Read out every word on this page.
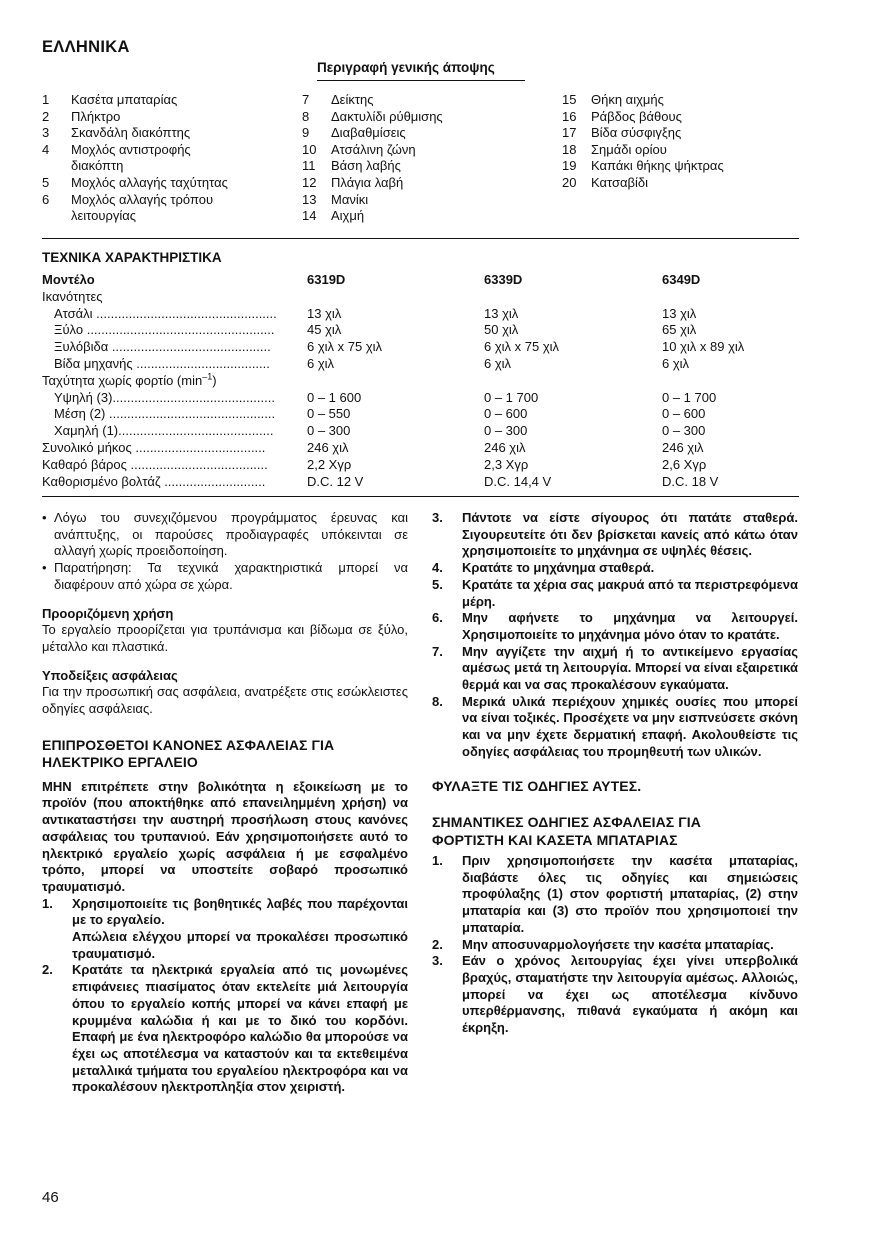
ΕΛΛΗΝΙΚΑ
Περιγραφή γενικής άποψης
1	Κασέτα μπαταρίας
2	Πλήκτρο
3	Σκανδάλη διακόπτης
4	Μοχλός αντιστροφής
διακόπτη
5	Μοχλός αλλαγής ταχύτητας
6	Μοχλός αλλαγής τρόπου
λειτουργίας
7	Δείκτης
8	Δακτυλίδι ρύθμισης
9	Διαβαθμίσεις
10	Ατσάλινη ζώνη
11	Βάση λαβής
12	Πλάγια λαβή
13	Μανίκι
14	Αιχμή
15	Θήκη αιχμής
16	Ράβδος βάθους
17	Βίδα σύσφιγξης
18	Σημάδι ορίου
19	Καπάκι θήκης ψήκτρας
20	Κατσαβίδι
ΤΕΧΝΙΚΑ ΧΑΡΑΚΤΗΡΙΣΤΙΚΑ
Μοντέλο	6319D	6339D	6349D
Ικανότητες
Ατσάλι .................................................. 13 χιλ	13 χιλ	13 χιλ
Ξύλο .................................................... 45 χιλ	50 χιλ	65 χιλ
Ξυλόβιδα ............................................	6 χιλ x 75 χιλ	6 χιλ x 75 χιλ	10 χιλ x 89 χιλ
Βίδα μηχανής .....................................	6 χιλ	6 χιλ	6 χιλ
Ταχύτητα χωρίς φορτίο $(\min^{-1})$
Υψηλή (3)............................................. 0 – 1 600	0 – 1 700	0 – 1 700
Μέση (2) .............................................. 0 – 550	0 – 600	0 – 600
Χαμηλή (1)...........................................	0 – 300	0 – 300	0 – 300
Συνολικό μήκος ....................................	246 χιλ	246 χιλ	246 χιλ
Καθαρό βάρος ......................................	2,2 Χγρ	2,3 Χγρ	2,6 Χγρ
Καθορισμένο βολτάζ ............................	D.C. 12 V	D.C. 14,4 V	D.C. 18 V
• Λόγω του συνεχιζόμενου προγράμματος έρευνας και ανάπτυξης, οι παρούσες προδιαγραφές υπόκεινται σε αλλαγή χωρίς προειδοποίηση.
• Παρατήρηση: Τα τεχνικά χαρακτηριστικά μπορεί να διαφέρουν από χώρα σε χώρα.

Προοριζόμενη χρήση

Το εργαλείο προορίζεται για τρυπάνισμα και βίδωμα σε ξύλο, μέταλλο και πλαστικά.

Υποδείξεις ασφάλειας

Για την προσωπική σας ασφάλεια, ανατρέξετε στις εσώκλειστες οδηγίες ασφάλειας.

ΕΠΙΠΡΟΣΘΕΤΟΙ ΚΑΝΟΝΕΣ ΑΣΦΑΛΕΙΑΣ ΓΙΑ
ΗΛΕΚΤΡΙΚΟ ΕΡΓΑΛΕΙΟ

ΜΗΝ επιτρέπετε στην βολικότητα η εξοικείωση με το προϊόν (που αποκτήθηκε από επανειλημμένη χρήση) να αντικαταστήσει την αυστηρή προσήλωση στους κανόνες ασφάλειας του τρυπανιού. Εάν χρησιμοποιήσετε αυτό το ηλεκτρικό εργαλείο χωρίς ασφάλεια ή με εσφαλμένο τρόπο, μπορεί να υποστείτε σοβαρό προσωπικό τραυματισμό.

1.	Χρησιμοποιείτε τις βοηθητικές λαβές που παρέχονται με το εργαλείο.
Απώλεια ελέγχου μπορεί να προκαλέσει προσωπικό τραυματισμό.
2.	Κρατάτε τα ηλεκτρικά εργαλεία από τις μονωμένες επιφάνειες πιασίματος όταν εκτελείτε μιά λειτουργία όπου το εργαλείο κοπής μπορεί να κάνει επαφή με κρυμμένα καλώδια ή και με το δικό του κορδόνι. Επαφή με ένα ηλεκτροφόρο καλώδιο θα μπορούσε να έχει ως αποτέλεσμα να καταστούν και τα εκτεθειμένα μεταλλικά τμήματα του εργαλείου ηλεκτροφόρα και να προκαλέσουν ηλεκτροπληξία στον χειριστή.
3.	Πάντοτε να είστε σίγουρος ότι πατάτε σταθερά. Σιγουρευτείτε ότι δεν βρίσκεται κανείς από κάτω όταν χρησιμοποιείτε το μηχάνημα σε υψηλές θέσεις.
4.	Κρατάτε το μηχάνημα σταθερά.
5.	Κρατάτε τα χέρια σας μακρυά από τα περιστρεφόμενα μέρη.
6.	Μην αφήνετε το μηχάνημα να λειτουργεί. Χρησιμοποιείτε το μηχάνημα μόνο όταν το κρατάτε.
7.	Μην αγγίζετε την αιχμή ή το αντικείμενο εργασίας αμέσως μετά τη λειτουργία. Μπορεί να είναι εξαιρετικά θερμά και να σας προκαλέσουν εγκαύματα.
8.	Μερικά υλικά περιέχουν χημικές ουσίες που μπορεί να είναι τοξικές. Προσέχετε να μην εισπνεύσετε σκόνη και να μην έχετε δερματική επαφή. Ακολουθείστε τις οδηγίες ασφάλειας του προμηθευτή των υλικών.

ΦΥΛΑΞΤΕ ΤΙΣ ΟΔΗΓΙΕΣ ΑΥΤΕΣ.

ΣΗΜΑΝΤΙΚΕΣ ΟΔΗΓΙΕΣ ΑΣΦΑΛΕΙΑΣ ΓΙΑ
ΦΟΡΤΙΣΤΗ ΚΑΙ ΚΑΣΕΤΑ ΜΠΑΤΑΡΙΑΣ

1.	Πριν χρησιμοποιήσετε την κασέτα μπαταρίας, διαβάστε όλες τις οδηγίες και σημειώσεις προφύλαξης (1) στον φορτιστή μπαταρίας, (2) στην μπαταρία και (3) στο προϊόν που χρησιμοποιεί την μπαταρία.
2.	Μην αποσυναρμολογήσετε την κασέτα μπαταρίας.
3.	Εάν ο χρόνος λειτουργίας έχει γίνει υπερβολικά βραχύς, σταματήστε την λειτουργία αμέσως. Αλλοιώς, μπορεί να έχει ως αποτέλεσμα κίνδυνο υπερθέρμανσης, πιθανά εγκαύματα ή ακόμη και έκρηξη.
46
